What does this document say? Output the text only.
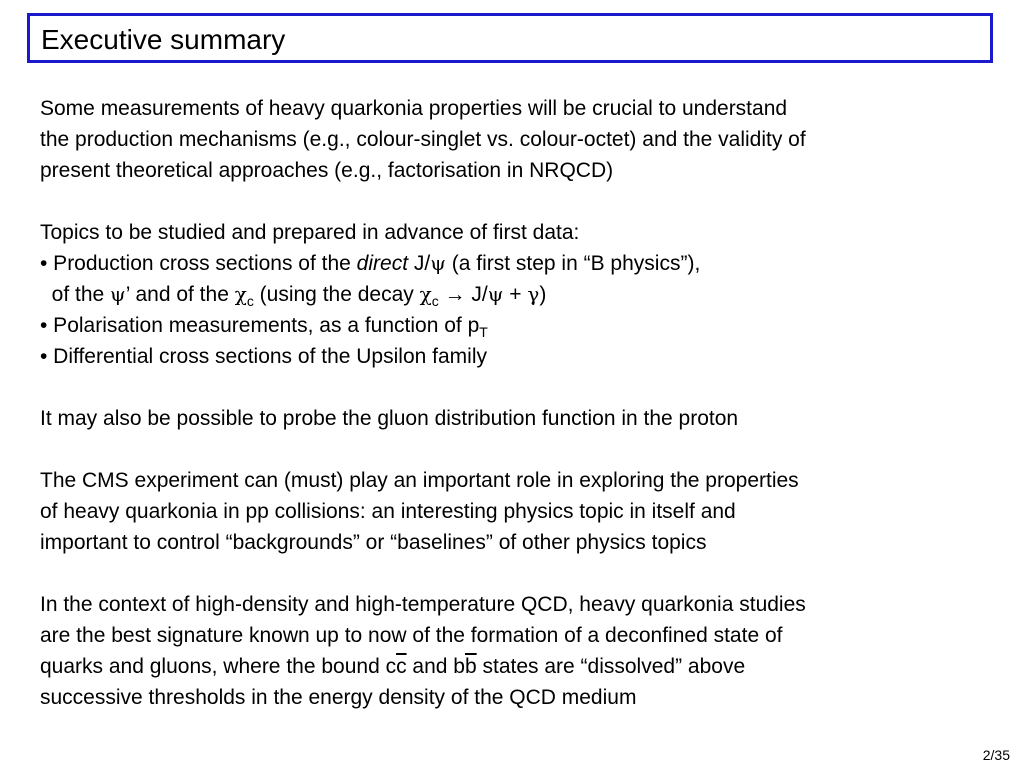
Executive summary
Some measurements of heavy quarkonia properties will be crucial to understand
the production mechanisms (e.g., colour-singlet vs. colour-octet) and the validity of
present theoretical approaches (e.g., factorisation in NRQCD)
Topics to be studied and prepared in advance of first data:
• Production cross sections of the direct J/ψ (a first step in “B physics”),
of the ψ’ and of the $\chi_c$ (using the decay $\chi_c \to J/\psi + \gamma$)
• Polarisation measurements, as a function of $p_T$
• Differential cross sections of the Upsilon family
It may also be possible to probe the gluon distribution function in the proton
The CMS experiment can (must) play an important role in exploring the properties
of heavy quarkonia in pp collisions: an interesting physics topic in itself and
important to control “backgrounds” or “baselines” of other physics topics
In the context of high-density and high-temperature QCD, heavy quarkonia studies
are the best signature known up to now of the formation of a deconfined state of
quarks and gluons, where the bound $c\overline{c}$ and $b\overline{b}$ states are “dissolved” above
successive thresholds in the energy density of the QCD medium
2/35
